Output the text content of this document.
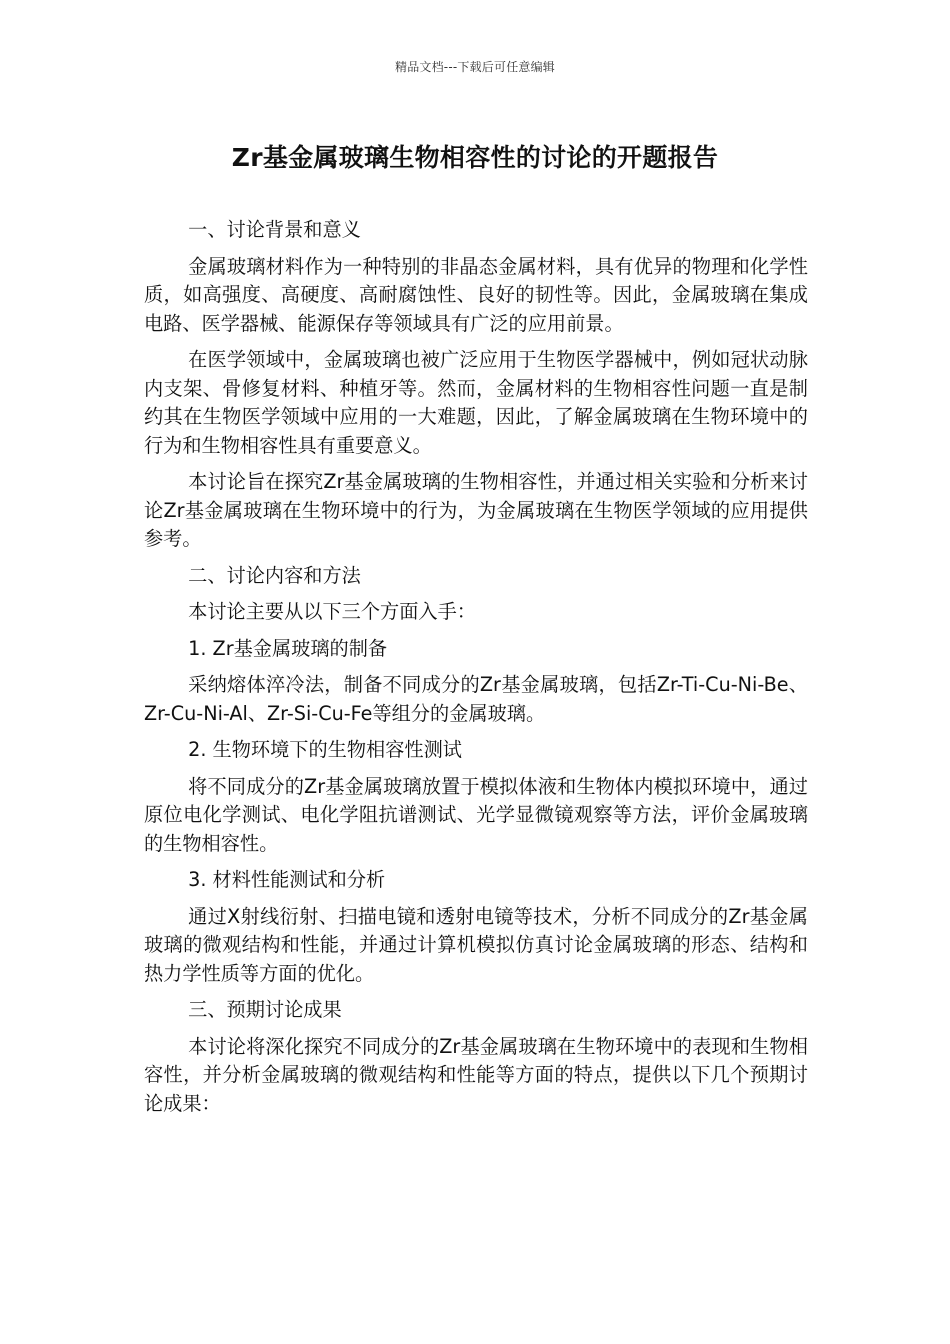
精品文档---下载后可任意编辑
Zr基金属玻璃生物相容性的讨论的开题报告

一、讨论背景和意义

金属玻璃材料作为一种特别的非晶态金属材料，具有优异的物理和化学性质，如高强度、高硬度、高耐腐蚀性、良好的韧性等。因此，金属玻璃在集成电路、医学器械、能源保存等领域具有广泛的应用前景。

在医学领域中，金属玻璃也被广泛应用于生物医学器械中，例如冠状动脉内支架、骨修复材料、种植牙等。然而，金属材料的生物相容性问题一直是制约其在生物医学领域中应用的一大难题，因此，了解金属玻璃在生物环境中的行为和生物相容性具有重要意义。

本讨论旨在探究Zr基金属玻璃的生物相容性，并通过相关实验和分析来讨论Zr基金属玻璃在生物环境中的行为，为金属玻璃在生物医学领域的应用提供参考。

二、讨论内容和方法

本讨论主要从以下三个方面入手：

1. Zr基金属玻璃的制备

采纳熔体淬冷法，制备不同成分的Zr基金属玻璃，包括Zr-Ti-Cu-Ni-Be、Zr-Cu-Ni-Al、Zr-Si-Cu-Fe等组分的金属玻璃。

2. 生物环境下的生物相容性测试

将不同成分的Zr基金属玻璃放置于模拟体液和生物体内模拟环境中，通过原位电化学测试、电化学阻抗谱测试、光学显微镜观察等方法，评价金属玻璃的生物相容性。

3. 材料性能测试和分析

通过X射线衍射、扫描电镜和透射电镜等技术，分析不同成分的Zr基金属玻璃的微观结构和性能，并通过计算机模拟仿真讨论金属玻璃的形态、结构和热力学性质等方面的优化。

三、预期讨论成果

本讨论将深化探究不同成分的Zr基金属玻璃在生物环境中的表现和生物相容性，并分析金属玻璃的微观结构和性能等方面的特点，提供以下几个预期讨论成果：
